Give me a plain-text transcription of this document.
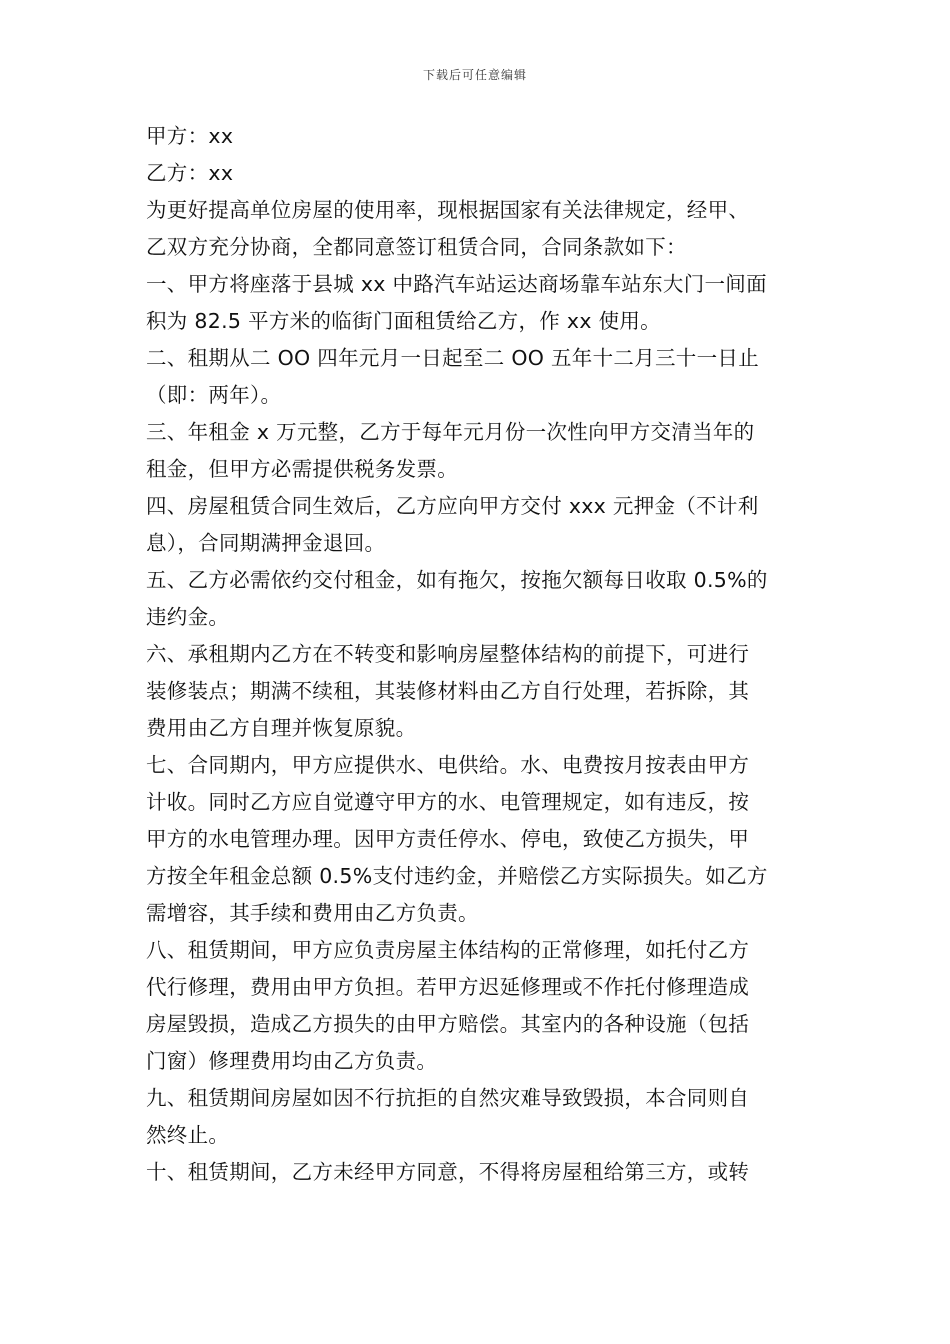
下载后可任意编辑
甲方：xx
乙方：xx
为更好提高单位房屋的使用率，现根据国家有关法律规定，经甲、
乙双方充分协商，全都同意签订租赁合同，合同条款如下：
一、甲方将座落于县城 xx 中路汽车站运达商场靠车站东大门一间面
积为 82.5 平方米的临街门面租赁给乙方，作 xx 使用。
二、租期从二 OO 四年元月一日起至二 OO 五年十二月三十一日止
（即：两年）。
三、年租金 x 万元整，乙方于每年元月份一次性向甲方交清当年的
租金，但甲方必需提供税务发票。
四、房屋租赁合同生效后，乙方应向甲方交付 xxx 元押金（不计利
息），合同期满押金退回。
五、乙方必需依约交付租金，如有拖欠，按拖欠额每日收取 0.5%的
违约金。
六、承租期内乙方在不转变和影响房屋整体结构的前提下，可进行
装修装点；期满不续租，其装修材料由乙方自行处理，若拆除，其
费用由乙方自理并恢复原貌。
七、合同期内，甲方应提供水、电供给。水、电费按月按表由甲方
计收。同时乙方应自觉遵守甲方的水、电管理规定，如有违反，按
甲方的水电管理办理。因甲方责任停水、停电，致使乙方损失，甲
方按全年租金总额 0.5%支付违约金，并赔偿乙方实际损失。如乙方
需增容，其手续和费用由乙方负责。
八、租赁期间，甲方应负责房屋主体结构的正常修理，如托付乙方
代行修理，费用由甲方负担。若甲方迟延修理或不作托付修理造成
房屋毁损，造成乙方损失的由甲方赔偿。其室内的各种设施（包括
门窗）修理费用均由乙方负责。
九、租赁期间房屋如因不行抗拒的自然灾难导致毁损，本合同则自
然终止。
十、租赁期间，乙方未经甲方同意，不得将房屋租给第三方，或转
